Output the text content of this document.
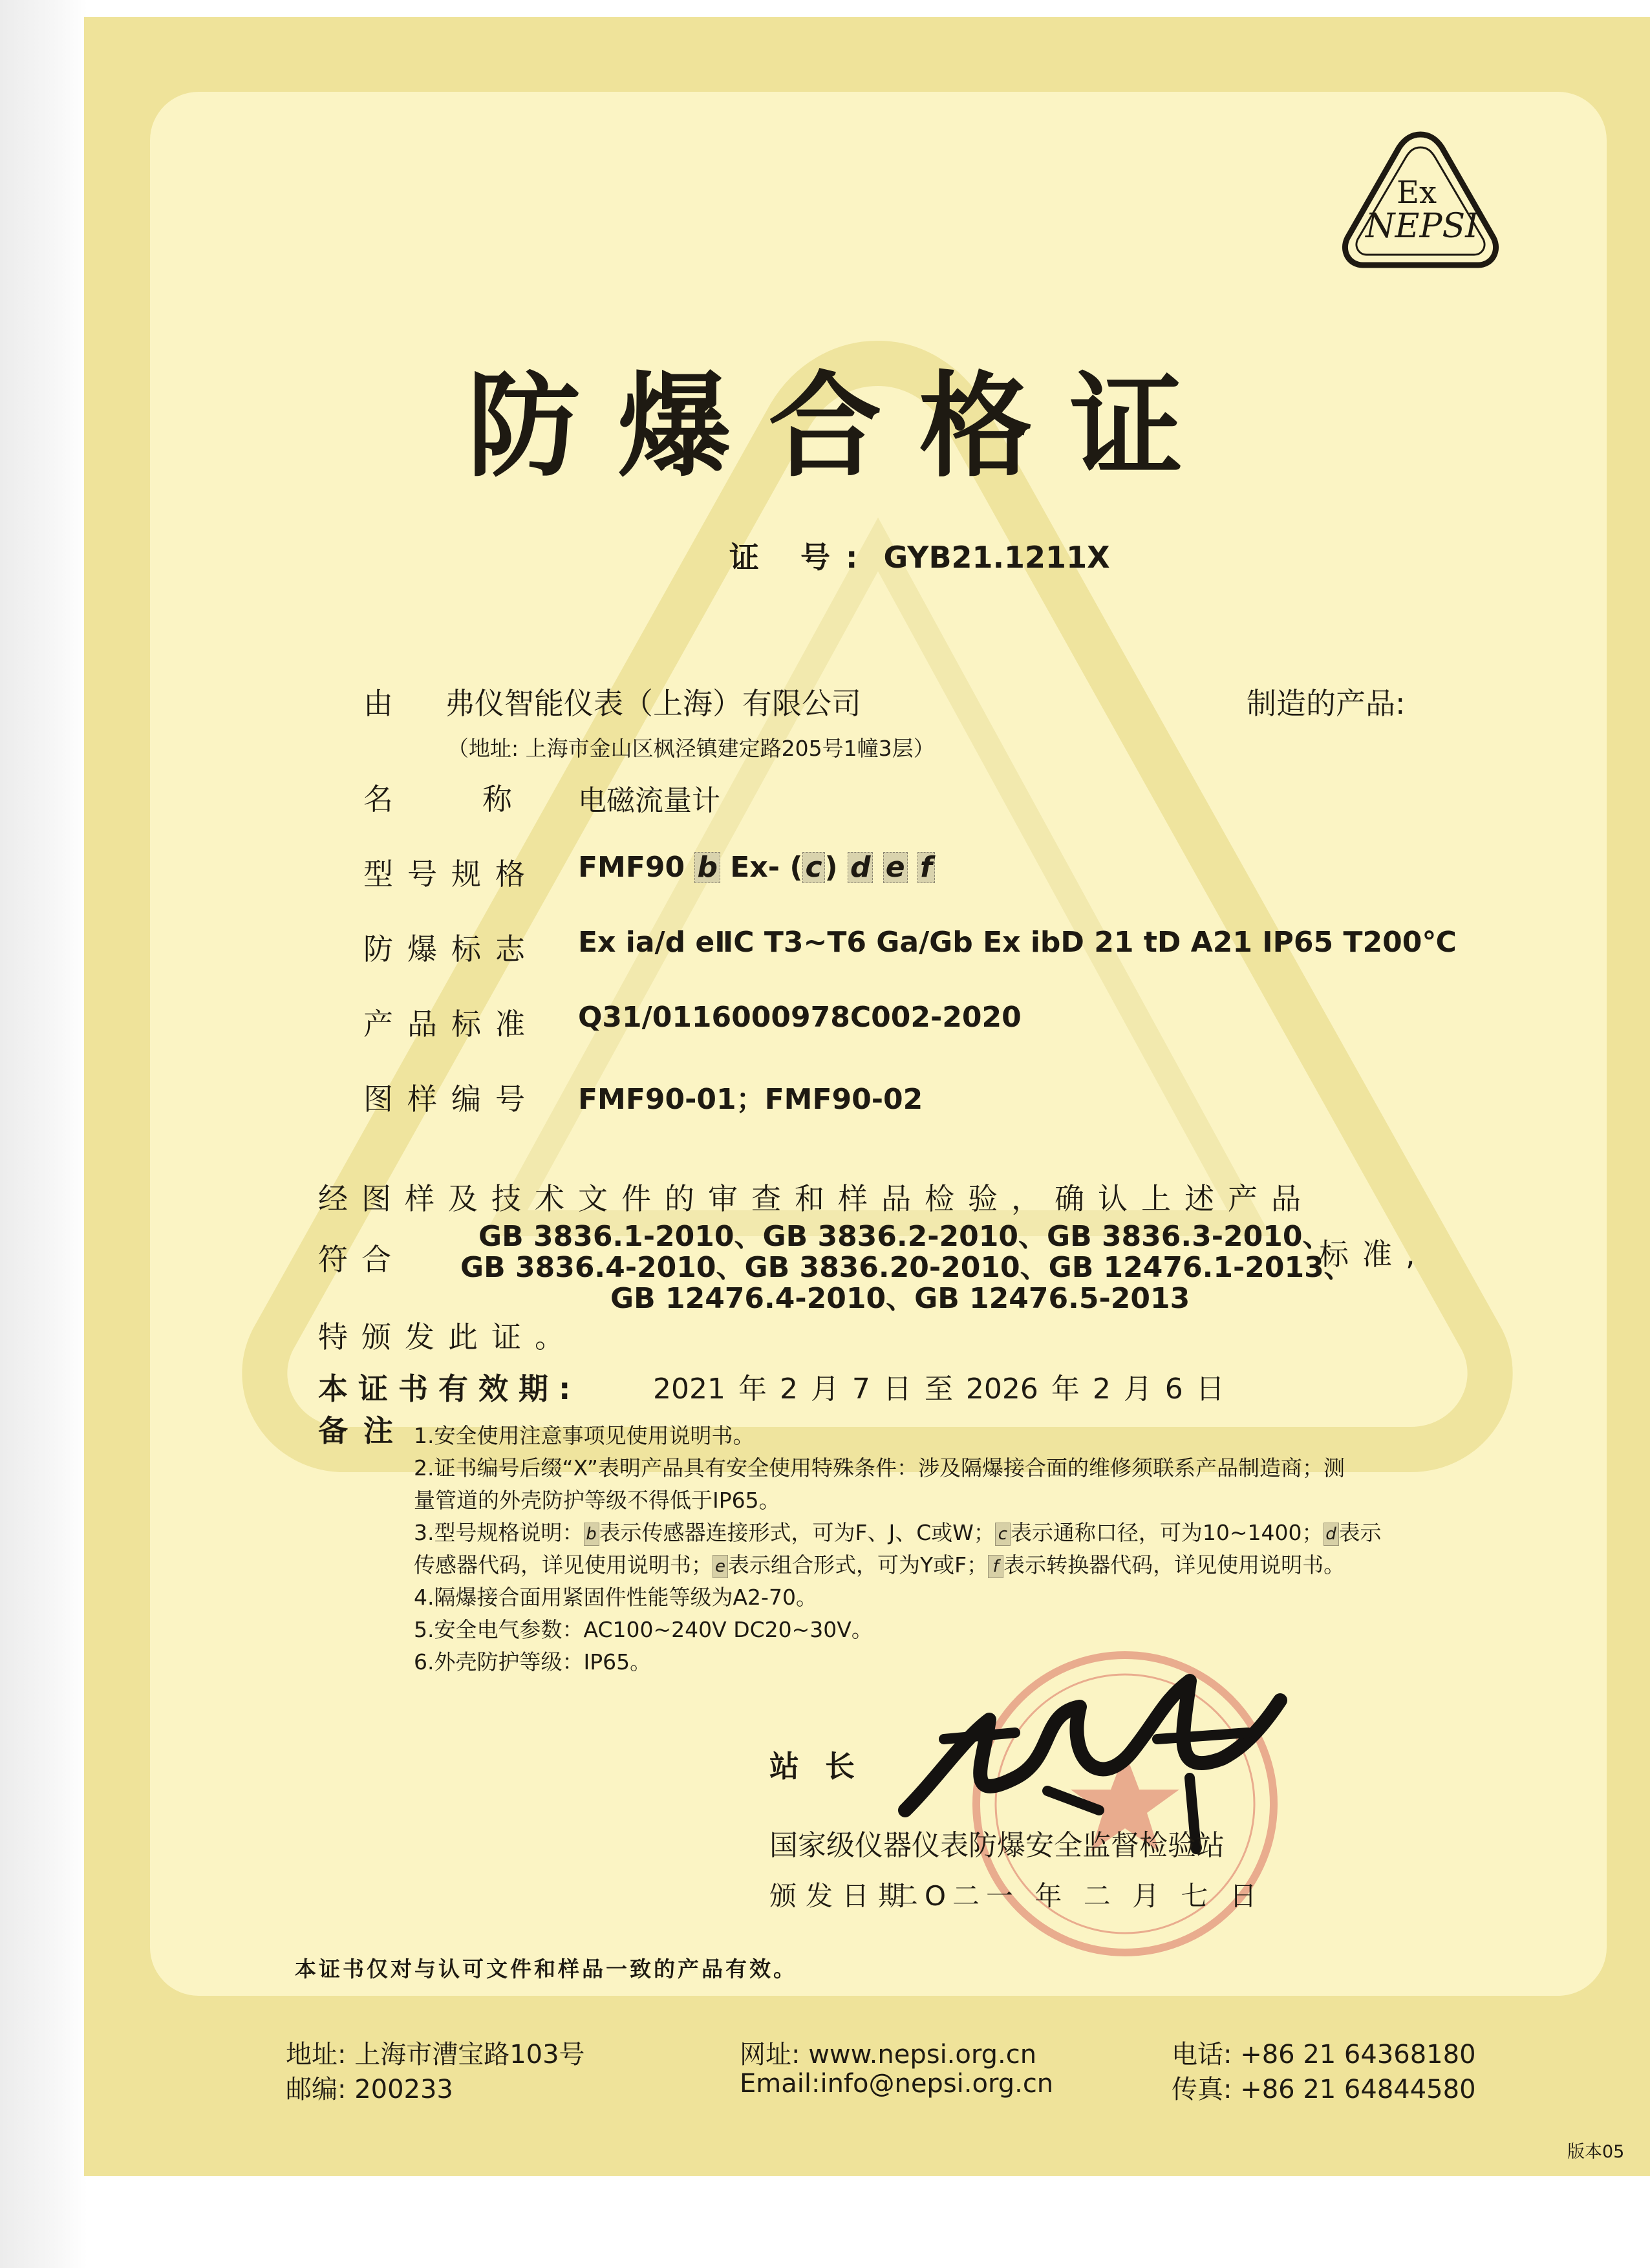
Ex
NEPSI
防爆合格证
证 号: GYB21.1211X
由 弗仪智能仪表（上海）有限公司	制造的产品:
（地址: 上海市金山区枫泾镇建定路205号1幢3层）
名　　　称 电磁流量计
型号规格 FMF90 b Ex- (c) d e f
防爆标志 Ex ia/d eⅡC T3~T6 Ga/Gb Ex ibD 21 tD A21 IP65 T200℃
产品标准 Q31/0116000978C002-2020
图样编号 FMF90-01；FMF90-02
经图样及技术文件的审查和样品检验，确认上述产品
符合
GB 3836.1-2010、GB 3836.2-2010、GB 3836.3-2010、
GB 3836.4-2010、GB 3836.20-2010、GB 12476.1-2013、
GB 12476.4-2010、GB 12476.5-2013
标准,
特颁发此证。
本证书有效期:	2021 年 2 月 7 日 至 2026 年 2 月 6 日
备注 1.安全使用注意事项见使用说明书。
2.证书编号后缀“X”表明产品具有安全使用特殊条件：涉及隔爆接合面的维修须联系产品制造商；测
量管道的外壳防护等级不得低于IP65。
3.型号规格说明： b 表示传感器连接形式，可为F、J、C或W； c 表示通称口径，可为10~1400； d 表示
传感器代码，详见使用说明书； e 表示组合形式，可为Y或F； f 表示转换器代码，详见使用说明书。
4.隔爆接合面用紧固件性能等级为A2-70。
5.安全电气参数：AC100~240V DC20~30V。
6.外壳防护等级：IP65。
站长
国家级仪器仪表防爆安全监督检验站
颁发日期
二O二一 年 二 月 七 日
本证书仅对与认可文件和样品一致的产品有效。
地址: 上海市漕宝路103号
邮编: 200233
网址: www.nepsi.org.cn
Email:info@nepsi.org.cn
电话: +86 21 64368180
传真: +86 21 64844580
版本05
